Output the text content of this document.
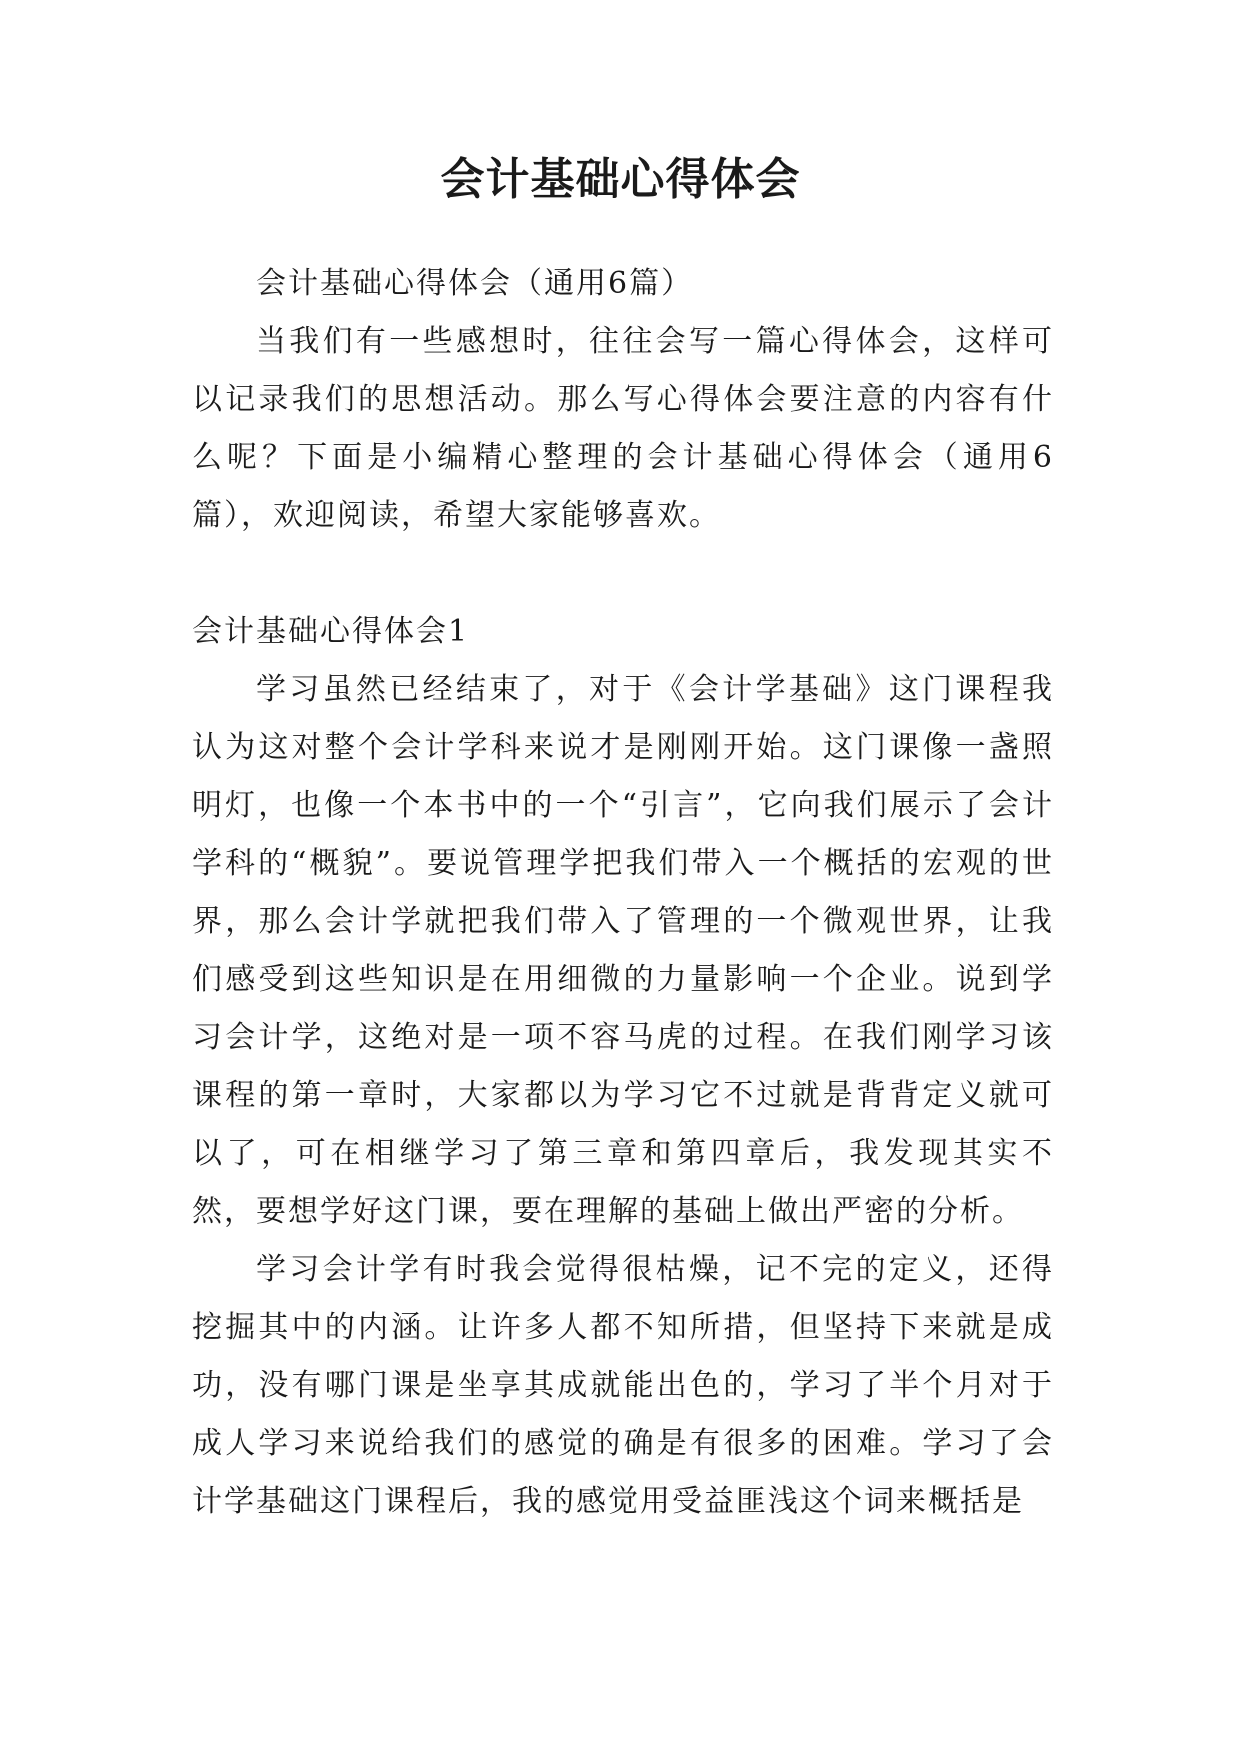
会计基础心得体会

会计基础心得体会（通用6篇）

当我们有一些感想时，往往会写一篇心得体会，这样可以记录我们的思想活动。那么写心得体会要注意的内容有什么呢？下面是小编精心整理的会计基础心得体会（通用6篇），欢迎阅读，希望大家能够喜欢。

会计基础心得体会1

学习虽然已经结束了，对于《会计学基础》这门课程我认为这对整个会计学科来说才是刚刚开始。这门课像一盏照明灯，也像一个本书中的一个“引言”，它向我们展示了会计学科的“概貌”。要说管理学把我们带入一个概括的宏观的世界，那么会计学就把我们带入了管理的一个微观世界，让我们感受到这些知识是在用细微的力量影响一个企业。说到学习会计学，这绝对是一项不容马虎的过程。在我们刚学习该课程的第一章时，大家都以为学习它不过就是背背定义就可以了，可在相继学习了第三章和第四章后，我发现其实不然，要想学好这门课，要在理解的基础上做出严密的分析。

学习会计学有时我会觉得很枯燥，记不完的定义，还得挖掘其中的内涵。让许多人都不知所措，但坚持下来就是成功，没有哪门课是坐享其成就能出色的，学习了半个月对于成人学习来说给我们的感觉的确是有很多的困难。学习了会计学基础这门课程后，我的感觉用受益匪浅这个词来概括是
